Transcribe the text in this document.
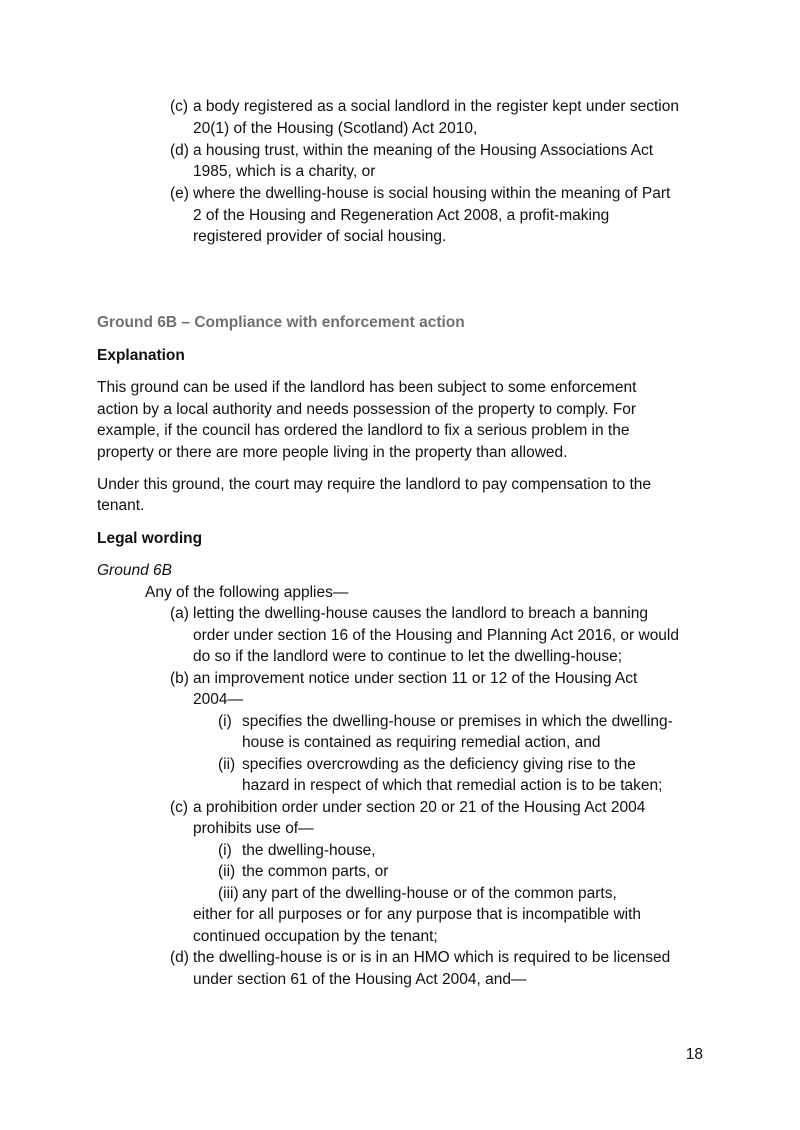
(c) a body registered as a social landlord in the register kept under section
20(1) of the Housing (Scotland) Act 2010,
(d) a housing trust, within the meaning of the Housing Associations Act
1985, which is a charity, or
(e) where the dwelling-house is social housing within the meaning of Part
2 of the Housing and Regeneration Act 2008, a profit-making
registered provider of social housing.
Ground 6B – Compliance with enforcement action
Explanation
This ground can be used if the landlord has been subject to some enforcement
action by a local authority and needs possession of the property to comply. For
example, if the council has ordered the landlord to fix a serious problem in the
property or there are more people living in the property than allowed.
Under this ground, the court may require the landlord to pay compensation to the
tenant.
Legal wording
Ground 6B
Any of the following applies—
(a) letting the dwelling-house causes the landlord to breach a banning
order under section 16 of the Housing and Planning Act 2016, or would
do so if the landlord were to continue to let the dwelling-house;
(b) an improvement notice under section 11 or 12 of the Housing Act
2004—
(i) specifies the dwelling-house or premises in which the dwelling-
house is contained as requiring remedial action, and
(ii) specifies overcrowding as the deficiency giving rise to the
hazard in respect of which that remedial action is to be taken;
(c) a prohibition order under section 20 or 21 of the Housing Act 2004
prohibits use of—
(i) the dwelling-house,
(ii) the common parts, or
(iii) any part of the dwelling-house or of the common parts,
either for all purposes or for any purpose that is incompatible with
continued occupation by the tenant;
(d) the dwelling-house is or is in an HMO which is required to be licensed
under section 61 of the Housing Act 2004, and—
18
